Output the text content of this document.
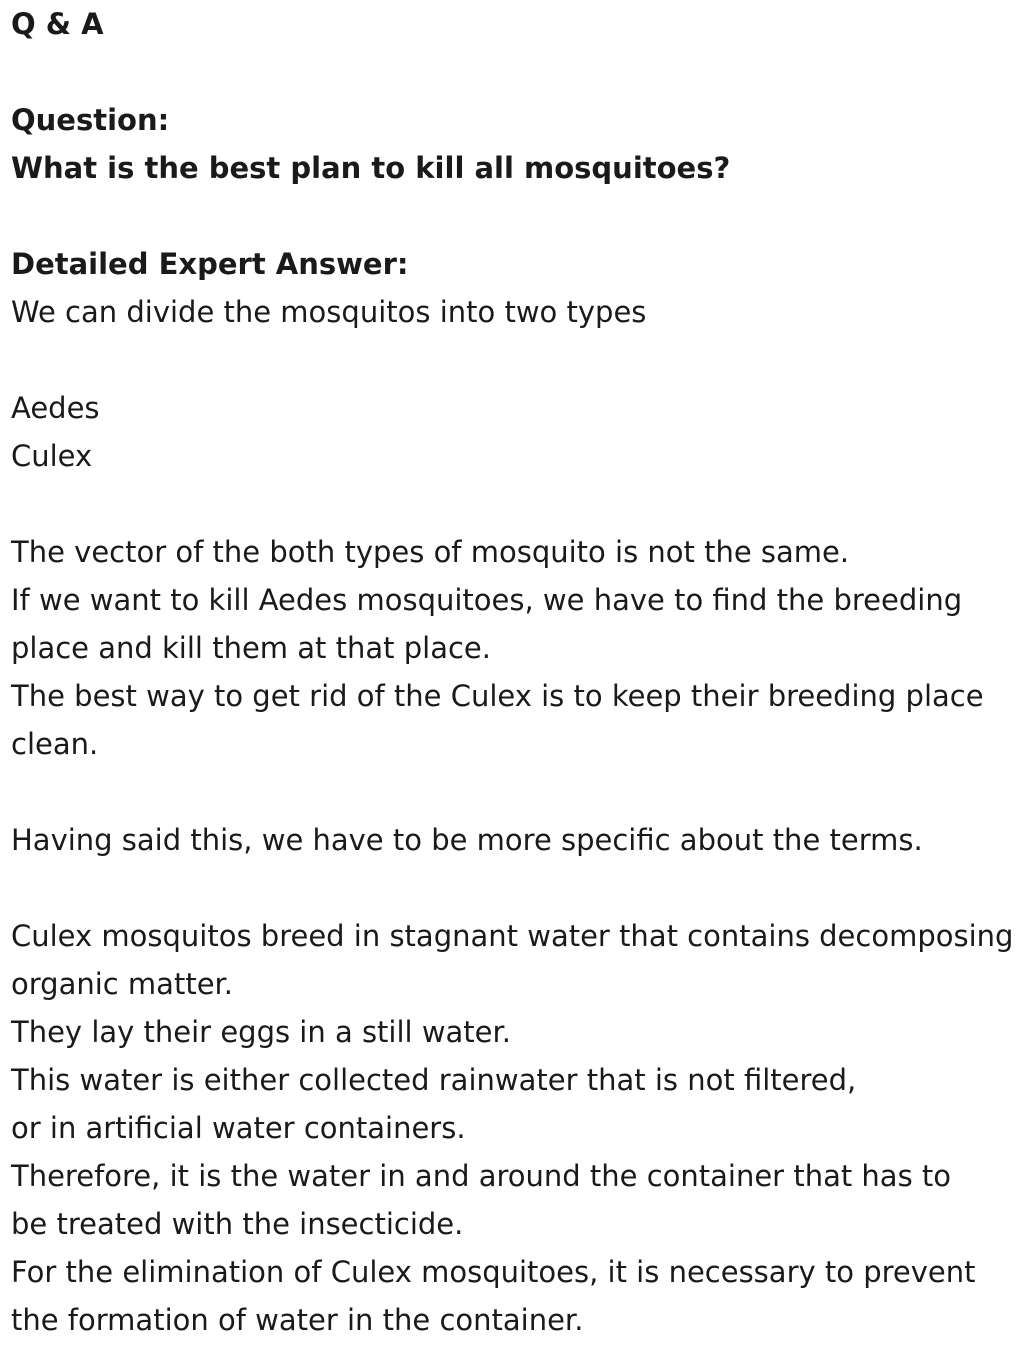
Q & A

Question:

What is the best plan to kill all mosquitoes?

Detailed Expert Answer:

We can divide the mosquitos into two types

Aedes

Culex

The vector of the both types of mosquito is not the same.

If we want to kill Aedes mosquitoes, we have to find the breeding

place and kill them at that place.

The best way to get rid of the Culex is to keep their breeding place

clean.

Having said this, we have to be more specific about the terms.

Culex mosquitos breed in stagnant water that contains decomposing

organic matter.

They lay their eggs in a still water.

This water is either collected rainwater that is not filtered,

or in artificial water containers.

Therefore, it is the water in and around the container that has to

be treated with the insecticide.

For the elimination of Culex mosquitoes, it is necessary to prevent

the formation of water in the container.
